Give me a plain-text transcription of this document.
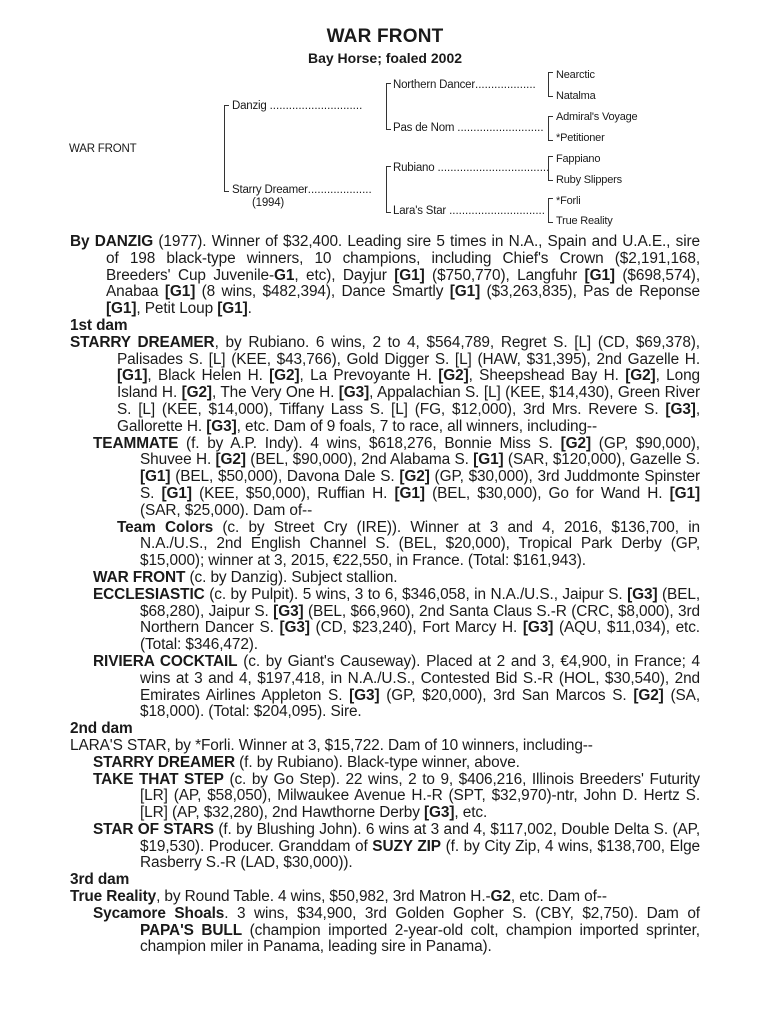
WAR FRONT
Bay Horse; foaled 2002
WAR FRONT
Danzig .............................
Starry Dreamer....................
(1994)
Northern Dancer...................
Pas de Nom ...........................
Rubiano ...................................
Lara's Star ..............................
Nearctic
Natalma
Admiral's Voyage
*Petitioner
Fappiano
Ruby Slippers
*Forli
True Reality

By DANZIG (1977). Winner of $32,400. Leading sire 5 times in N.A., Spain and U.A.E., sire of 198 black-type winners, 10 champions, including Chief's Crown ($2,191,168, Breeders' Cup Juvenile-G1, etc), Dayjur [G1] ($750,770), Langfuhr [G1] ($698,574), Anabaa [G1] (8 wins, $482,394), Dance Smartly [G1] ($3,263,835), Pas de Reponse [G1], Petit Loup [G1].

1st dam

STARRY DREAMER, by Rubiano. 6 wins, 2 to 4, $564,789, Regret S. [L] (CD, $69,378), Palisades S. [L] (KEE, $43,766), Gold Digger S. [L] (HAW, $31,395), 2nd Gazelle H. [G1], Black Helen H. [G2], La Prevoyante H. [G2], Sheepshead Bay H. [G2], Long Island H. [G2], The Very One H. [G3], Appalachian S. [L] (KEE, $14,430), Green River S. [L] (KEE, $14,000), Tiffany Lass S. [L] (FG, $12,000), 3rd Mrs. Revere S. [G3], Gallorette H. [G3], etc. Dam of 9 foals, 7 to race, all winners, including--

TEAMMATE (f. by A.P. Indy). 4 wins, $618,276, Bonnie Miss S. [G2] (GP, $90,000), Shuvee H. [G2] (BEL, $90,000), 2nd Alabama S. [G1] (SAR, $120,000), Gazelle S. [G1] (BEL, $50,000), Davona Dale S. [G2] (GP, $30,000), 3rd Juddmonte Spinster S. [G1] (KEE, $50,000), Ruffian H. [G1] (BEL, $30,000), Go for Wand H. [G1] (SAR, $25,000). Dam of--

Team Colors (c. by Street Cry (IRE)). Winner at 3 and 4, 2016, $136,700, in N.A./U.S., 2nd English Channel S. (BEL, $20,000), Tropical Park Derby (GP, $15,000); winner at 3, 2015, €22,550, in France. (Total: $161,943).

WAR FRONT (c. by Danzig). Subject stallion.

ECCLESIASTIC (c. by Pulpit). 5 wins, 3 to 6, $346,058, in N.A./U.S., Jaipur S. [G3] (BEL, $68,280), Jaipur S. [G3] (BEL, $66,960), 2nd Santa Claus S.-R (CRC, $8,000), 3rd Northern Dancer S. [G3] (CD, $23,240), Fort Marcy H. [G3] (AQU, $11,034), etc. (Total: $346,472).

RIVIERA COCKTAIL (c. by Giant's Causeway). Placed at 2 and 3, €4,900, in France; 4 wins at 3 and 4, $197,418, in N.A./U.S., Contested Bid S.-R (HOL, $30,540), 2nd Emirates Airlines Appleton S. [G3] (GP, $20,000), 3rd San Marcos S. [G2] (SA, $18,000). (Total: $204,095). Sire.

2nd dam

LARA'S STAR, by *Forli. Winner at 3, $15,722. Dam of 10 winners, including--

STARRY DREAMER (f. by Rubiano). Black-type winner, above.

TAKE THAT STEP (c. by Go Step). 22 wins, 2 to 9, $406,216, Illinois Breeders' Futurity [LR] (AP, $58,050), Milwaukee Avenue H.-R (SPT, $32,970)-ntr, John D. Hertz S. [LR] (AP, $32,280), 2nd Hawthorne Derby [G3], etc.

STAR OF STARS (f. by Blushing John). 6 wins at 3 and 4, $117,002, Double Delta S. (AP, $19,530). Producer. Granddam of SUZY ZIP (f. by City Zip, 4 wins, $138,700, Elge Rasberry S.-R (LAD, $30,000)).

3rd dam

True Reality, by Round Table. 4 wins, $50,982, 3rd Matron H.-G2, etc. Dam of--

Sycamore Shoals. 3 wins, $34,900, 3rd Golden Gopher S. (CBY, $2,750). Dam of PAPA'S BULL (champion imported 2-year-old colt, champion imported sprinter, champion miler in Panama, leading sire in Panama).
